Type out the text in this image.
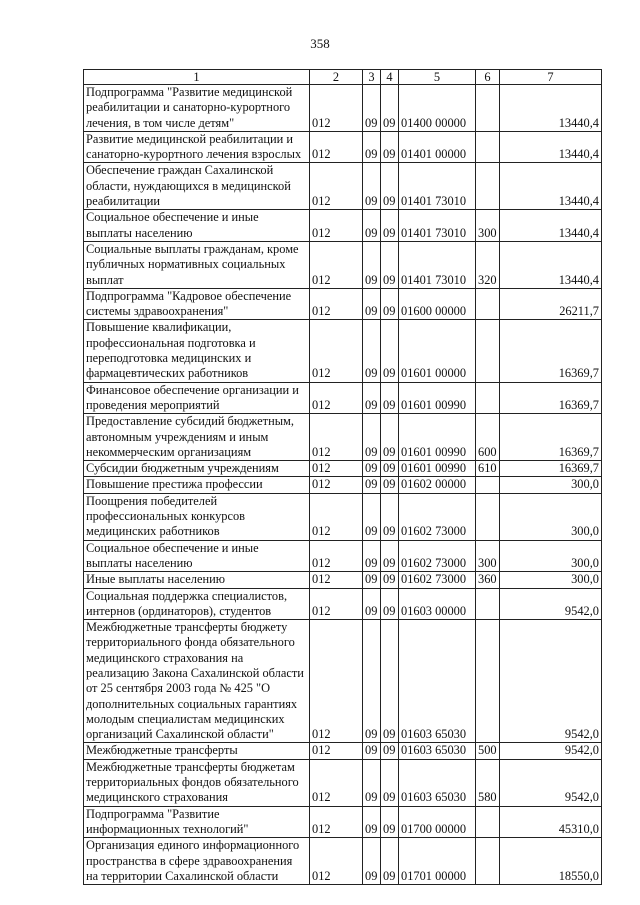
358
1	2	3	4	5	6	7
Подпрограмма "Развитие медицинской реабилитации и санаторно-курортного лечения, в том числе детям"	012	09	09	01400 00000		13440,4
Развитие медицинской реабилитации и санаторно-курортного лечения взрослых	012	09	09	01401 00000		13440,4
Обеспечение граждан Сахалинской области, нуждающихся в медицинской реабилитации	012	09	09	01401 73010		13440,4
Социальное обеспечение и иные выплаты населению	012	09	09	01401 73010	300	13440,4
Социальные выплаты гражданам, кроме публичных нормативных социальных выплат	012	09	09	01401 73010	320	13440,4
Подпрограмма "Кадровое обеспечение системы здравоохранения"	012	09	09	01600 00000		26211,7
Повышение квалификации, профессиональная подготовка и переподготовка медицинских и фармацевтических работников	012	09	09	01601 00000		16369,7
Финансовое обеспечение организации и проведения мероприятий	012	09	09	01601 00990		16369,7
Предоставление субсидий бюджетным, автономным учреждениям и иным некоммерческим организациям	012	09	09	01601 00990	600	16369,7
Субсидии бюджетным учреждениям	012	09	09	01601 00990	610	16369,7
Повышение престижа профессии	012	09	09	01602 00000		300,0
Поощрения победителей профессиональных конкурсов медицинских работников	012	09	09	01602 73000		300,0
Социальное обеспечение и иные выплаты населению	012	09	09	01602 73000	300	300,0
Иные выплаты населению	012	09	09	01602 73000	360	300,0
Социальная поддержка специалистов, интернов (ординаторов), студентов	012	09	09	01603 00000		9542,0
Межбюджетные трансферты бюджету территориального фонда обязательного медицинского страхования на реализацию Закона Сахалинской области от 25 сентября 2003 года № 425 "О дополнительных социальных гарантиях молодым специалистам медицинских организаций Сахалинской области"	012	09	09	01603 65030		9542,0
Межбюджетные трансферты	012	09	09	01603 65030	500	9542,0
Межбюджетные трансферты бюджетам территориальных фондов обязательного медицинского страхования	012	09	09	01603 65030	580	9542,0
Подпрограмма "Развитие информационных технологий"	012	09	09	01700 00000		45310,0
Организация единого информационного пространства в сфере здравоохранения на территории Сахалинской области	012	09	09	01701 00000		18550,0
